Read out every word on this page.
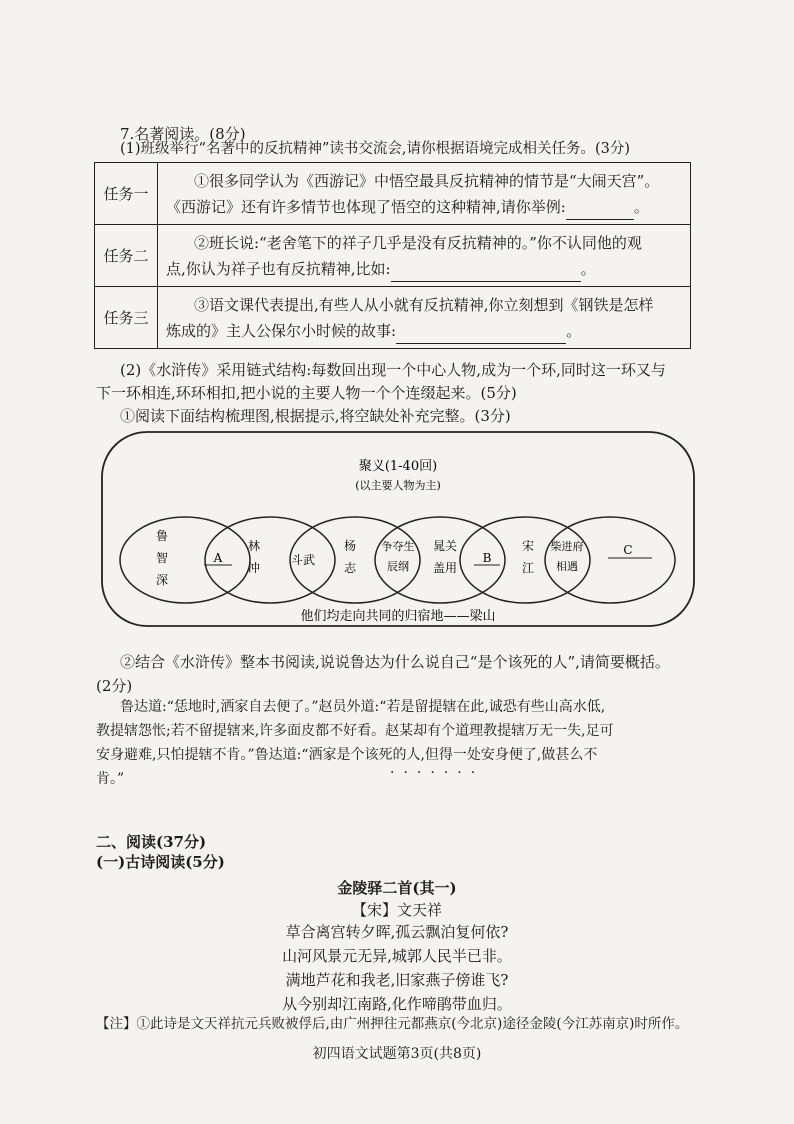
7.名著阅读。(8分)
(1)班级举行“名著中的反抗精神”读书交流会,请你根据语境完成相关任务。(3分)
任务一	①很多同学认为《西游记》中悟空最具反抗精神的情节是“大闹天宫”。
《西游记》还有许多情节也体现了悟空的这种精神,请你举例: 。

任务二	②班长说:“老舍笔下的祥子几乎是没有反抗精神的。”你不认同他的观
点,你认为祥子也有反抗精神,比如: 。

任务三	③语文课代表提出,有些人从小就有反抗精神,你立刻想到《钢铁是怎样
炼成的》主人公保尔小时候的故事: 。
(2)《水浒传》采用链式结构:每数回出现一个中心人物,成为一个环,同时这一环又与
下一环相连,环环相扣,把小说的主要人物一个个连缀起来。(5分)
①阅读下面结构梳理图,根据提示,将空缺处补充完整。(3分)
聚义(1-40回)
(以主要人物为主)
鲁
智
深
A
林
冲
斗武
杨
志
争夺生
辰纲
晁关
盖用
B
宋
江
柴进府
相遇
C
他们均走向共同的归宿地——梁山
②结合《水浒传》整本书阅读,说说鲁达为什么说自己“是个该死的人”,请简要概括。
(2分)
鲁达道:“恁地时,洒家自去便了。”赵员外道:“若是留提辖在此,诚恐有些山高水低,
教提辖怨怅;若不留提辖来,许多面皮都不好看。赵某却有个道理教提辖万无一失,足可
安身避难,只怕提辖不肯。”鲁达道:“洒家是个该死的人,但得一处安身便了,做甚么不
·······
肯。”
二、阅读(37分)
(一)古诗阅读(5分)
金陵驿二首(其一)
【宋】文天祥
草合离宫转夕晖,孤云飘泊复何依?
山河风景元无异,城郭人民半已非。
满地芦花和我老,旧家燕子傍谁飞?
从今别却江南路,化作啼鹃带血归。
【注】①此诗是文天祥抗元兵败被俘后,由广州押往元都燕京(今北京)途径金陵(今江苏南京)时所作。
初四语文试题第3页(共8页)
